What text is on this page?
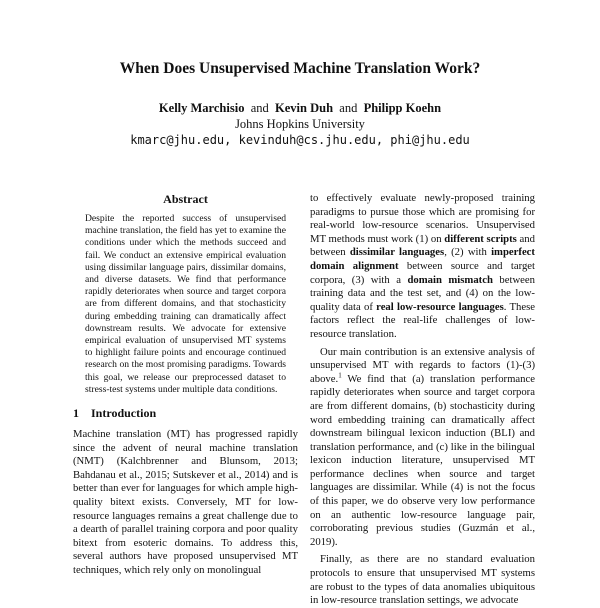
When Does Unsupervised Machine Translation Work?
Kelly Marchisio and Kevin Duh and Philipp Koehn
Johns Hopkins University
kmarc@jhu.edu, kevinduh@cs.jhu.edu, phi@jhu.edu
Abstract

Despite the reported success of unsupervised machine translation, the field has yet to examine the conditions under which the methods succeed and fail. We conduct an extensive empirical evaluation using dissimilar language pairs, dissimilar domains, and diverse datasets. We find that performance rapidly deteriorates when source and target corpora are from different domains, and that stochasticity during embedding training can dramatically affect downstream results. We advocate for extensive empirical evaluation of unsupervised MT systems to highlight failure points and encourage continued research on the most promising paradigms. Towards this goal, we release our preprocessed dataset to stress-test systems under multiple data conditions.

1 Introduction

Machine translation (MT) has progressed rapidly since the advent of neural machine translation (NMT) (Kalchbrenner and Blunsom, 2013; Bahdanau et al., 2015; Sutskever et al., 2014) and is better than ever for languages for which ample high-quality bitext exists. Conversely, MT for low-resource languages remains a great challenge due to a dearth of parallel training corpora and poor quality bitext from esoteric domains. To address this, several authors have proposed unsupervised MT techniques, which rely only on monolingual

to effectively evaluate newly-proposed training paradigms to pursue those which are promising for real-world low-resource scenarios. Unsupervised MT methods must work (1) on different scripts and between dissimilar languages, (2) with imperfect domain alignment between source and target corpora, (3) with a domain mismatch between training data and the test set, and (4) on the low-quality data of real low-resource languages. These factors reflect the real-life challenges of low-resource translation.

Our main contribution is an extensive analysis of unsupervised MT with regards to factors (1)-(3) above.$^1$ We find that (a) translation performance rapidly deteriorates when source and target corpora are from different domains, (b) stochasticity during word embedding training can dramatically affect downstream bilingual lexicon induction (BLI) and translation performance, and (c) like in the bilingual lexicon induction literature, unsupervised MT performance declines when source and target languages are dissimilar. While (4) is not the focus of this paper, we do observe very low performance on an authentic low-resource language pair, corroborating previous studies (Guzmán et al., 2019).

Finally, as there are no standard evaluation protocols to ensure that unsupervised MT systems are robust to the types of data anomalies ubiquitous in low-resource translation settings, we advocate
